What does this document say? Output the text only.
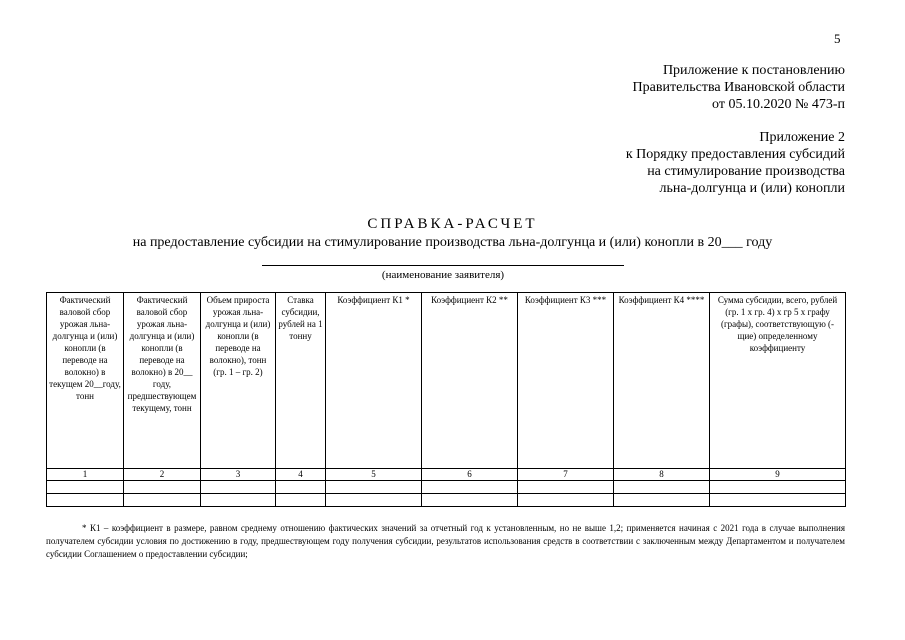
5
Приложение к постановлению
Правительства Ивановской области
от 05.10.2020 № 473-п
Приложение 2
к Порядку предоставления субсидий
на стимулирование производства
льна-долгунца и (или) конопли
СПРАВКА-РАСЧЕТ
на предоставление субсидии на стимулирование производства льна-долгунца и (или) конопли в 20___ году
(наименование заявителя)
Фактический валовой сбор урожая льна-долгунца и (или) конопли (в переводе на волокно) в текущем 20__году, тонн	Фактический валовой сбор урожая льна-долгунца и (или) конопли (в переводе на волокно) в 20__ году, предшествующем текущему, тонн	Объем прироста урожая льна-долгунца и (или) конопли (в переводе на волокно), тонн (гр. 1 – гр. 2)	Ставка субсидии, рублей на 1 тонну	Коэффициент К1 *	Коэффициент К2 **	Коэффициент К3 ***	Коэффициент К4 ****	Сумма субсидии, всего, рублей (гр. 1 х гр. 4) х гр 5 х графу (графы), соответствующую (-щие) определенному коэффициенту
1	2	3	4	5	6	7	8	9

* К1 – коэффициент в размере, равном среднему отношению фактических значений за отчетный год к установленным, но не выше 1,2; применяется начиная с 2021 года в случае выполнения получателем субсидии условия по достижению в году, предшествующем году получения субсидии, результатов использования средств в соответствии с заключенным между Департаментом и получателем субсидии Соглашением о предоставлении субсидии;
